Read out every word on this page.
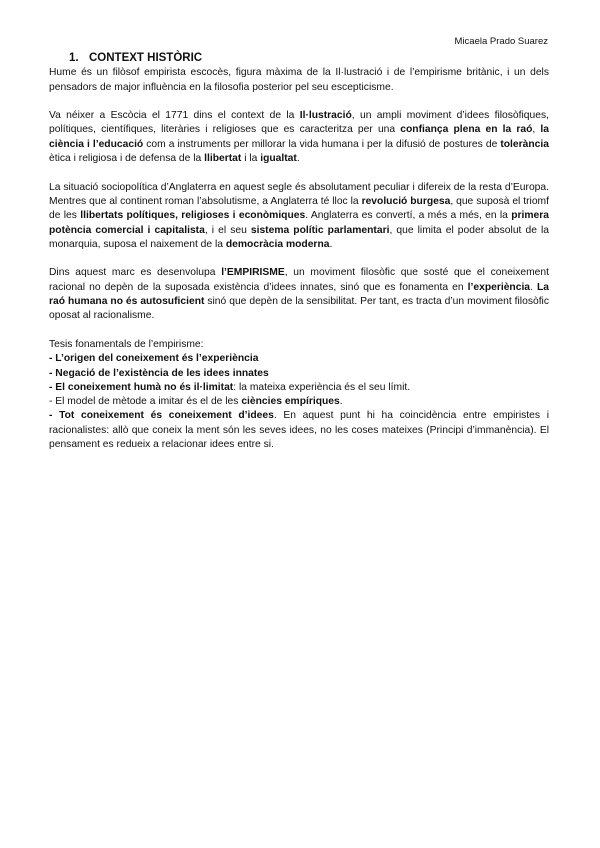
Micaela Prado Suarez
1. CONTEXT HISTÒRIC

Hume és un filòsof empirista escocès, figura màxima de la Il·lustració i de l’empirisme britànic, i un dels pensadors de major influència en la filosofia posterior pel seu escepticisme.

Va néixer a Escòcia el 1771 dins el context de la Il·lustració, un ampli moviment d’idees filosòfiques, polítiques, científiques, literàries i religioses que es caracteritza per una confiança plena en la raó, la ciència i l’educació com a instruments per millorar la vida humana i per la difusió de postures de tolerància ètica i religiosa i de defensa de la llibertat i la igualtat.

La situació sociopolítica d’Anglaterra en aquest segle és absolutament peculiar i difereix de la resta d’Europa. Mentres que al continent roman l’absolutisme, a Anglaterra té lloc la revolució burgesa, que suposà el triomf de les llibertats polítiques, religioses i econòmiques. Anglaterra es convertí, a més a més, en la primera potència comercial i capitalista, i el seu sistema polític parlamentari, que limita el poder absolut de la monarquia, suposa el naixement de la democràcia moderna.

Dins aquest marc es desenvolupa l’EMPIRISME, un moviment filosòfic que sosté que el coneixement racional no depèn de la suposada existència d’idees innates, sinó que es fonamenta en l’experiència. La raó humana no és autosuficient sinó que depèn de la sensibilitat. Per tant, es tracta d’un moviment filosòfic oposat al racionalisme.

Tesis fonamentals de l’empirisme:
- L’origen del coneixement és l’experiència
- Negació de l’existència de les idees innates
- El coneixement humà no és il·limitat: la mateixa experiència és el seu límit.
- El model de mètode a imitar és el de les ciències empíriques.
- Tot coneixement és coneixement d’idees. En aquest punt hi ha coincidència entre empiristes i racionalistes: allò que coneix la ment són les seves idees, no les coses mateixes (Principi d’immanència). El pensament es redueix a relacionar idees entre si.
